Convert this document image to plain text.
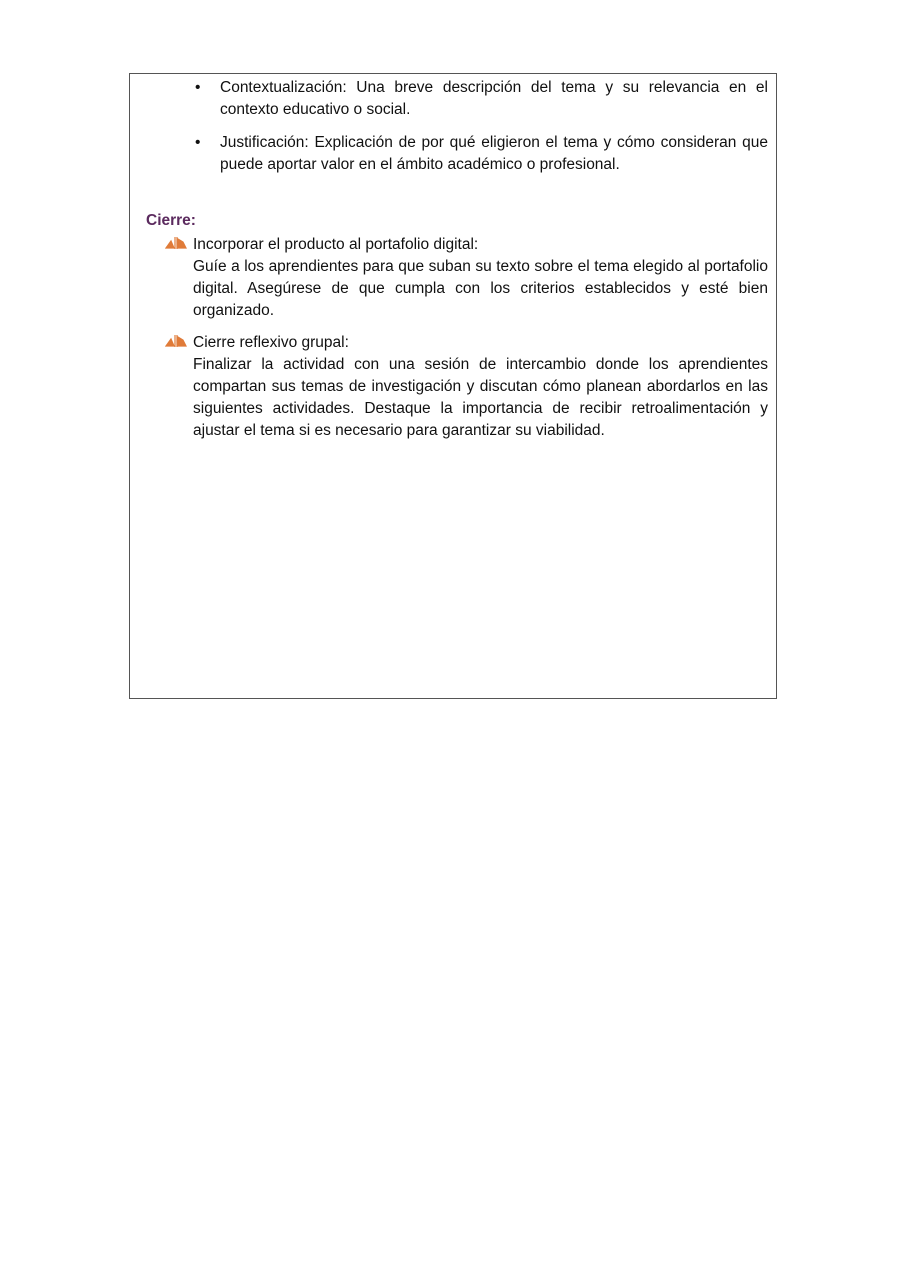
• Contextualización: Una breve descripción del tema y su relevancia en el contexto educativo o social.
• Justificación: Explicación de por qué eligieron el tema y cómo consideran que puede aportar valor en el ámbito académico o profesional.
Cierre:
Incorporar el producto al portafolio digital:
Guíe a los aprendientes para que suban su texto sobre el tema elegido al portafolio digital. Asegúrese de que cumpla con los criterios establecidos y esté bien organizado.
Cierre reflexivo grupal:
Finalizar la actividad con una sesión de intercambio donde los aprendientes compartan sus temas de investigación y discutan cómo planean abordarlos en las siguientes actividades. Destaque la importancia de recibir retroalimentación y ajustar el tema si es necesario para garantizar su viabilidad.
